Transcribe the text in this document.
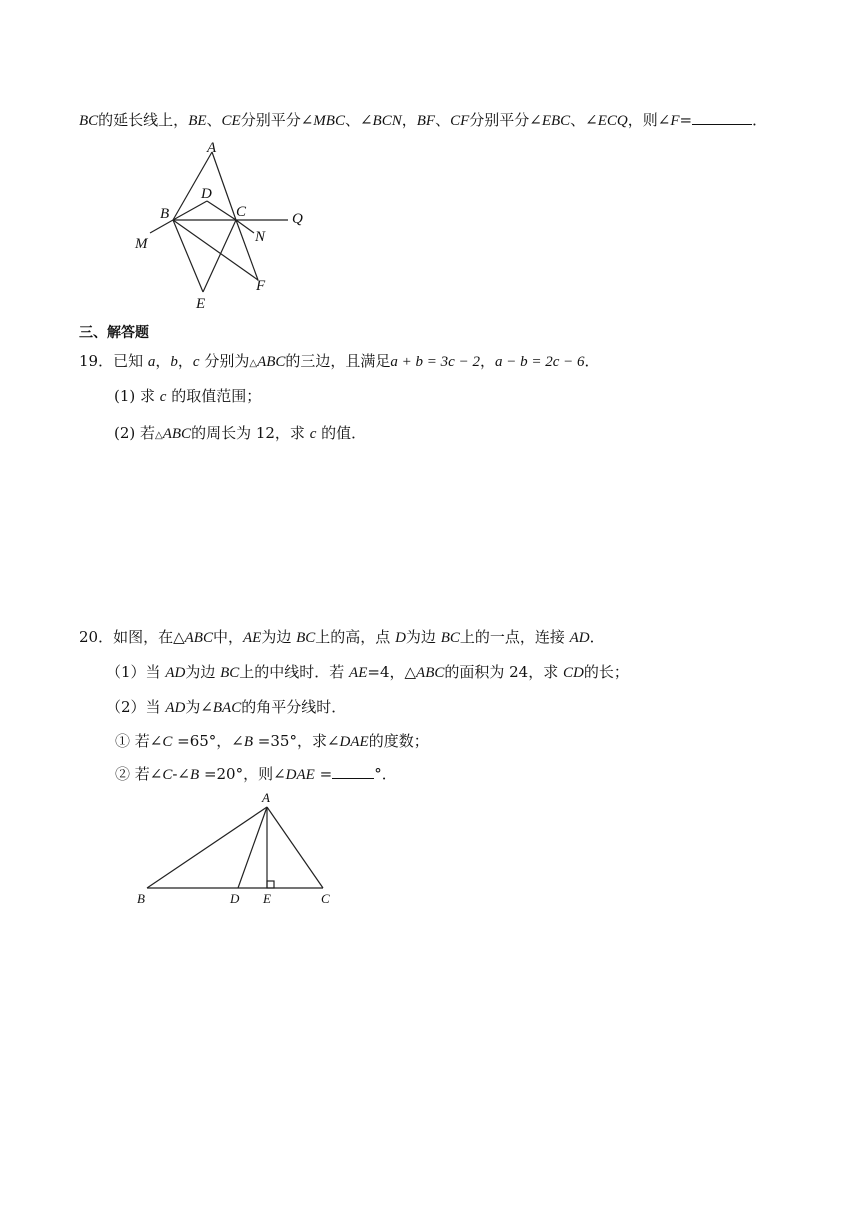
BC的延长线上，BE、CE分别平分∠MBC、∠BCN，BF、CF分别平分∠EBC、∠ECQ，则∠F=	．
A
D
B	C	Q
M	N
F
E
三、解答题
19．已知 a，b，c 分别为△ABC的三边，且满足a + b = 3c − 2，a − b = 2c − 6．
(1) 求 c 的取值范围；
(2) 若△ABC的周长为 12，求 c 的值．
20．如图，在△ABC中，AE为边 BC上的高，点 D为边 BC上的一点，连接 AD．
（1）当 AD为边 BC上的中线时．若 AE=4，△ABC的面积为 24，求 CD的长；
（2）当 AD为∠BAC的角平分线时．
① 若∠C =65°，∠B =35°，求∠DAE的度数；
② 若∠C-∠B =20°，则∠DAE =	°．
A
B	D E	C
